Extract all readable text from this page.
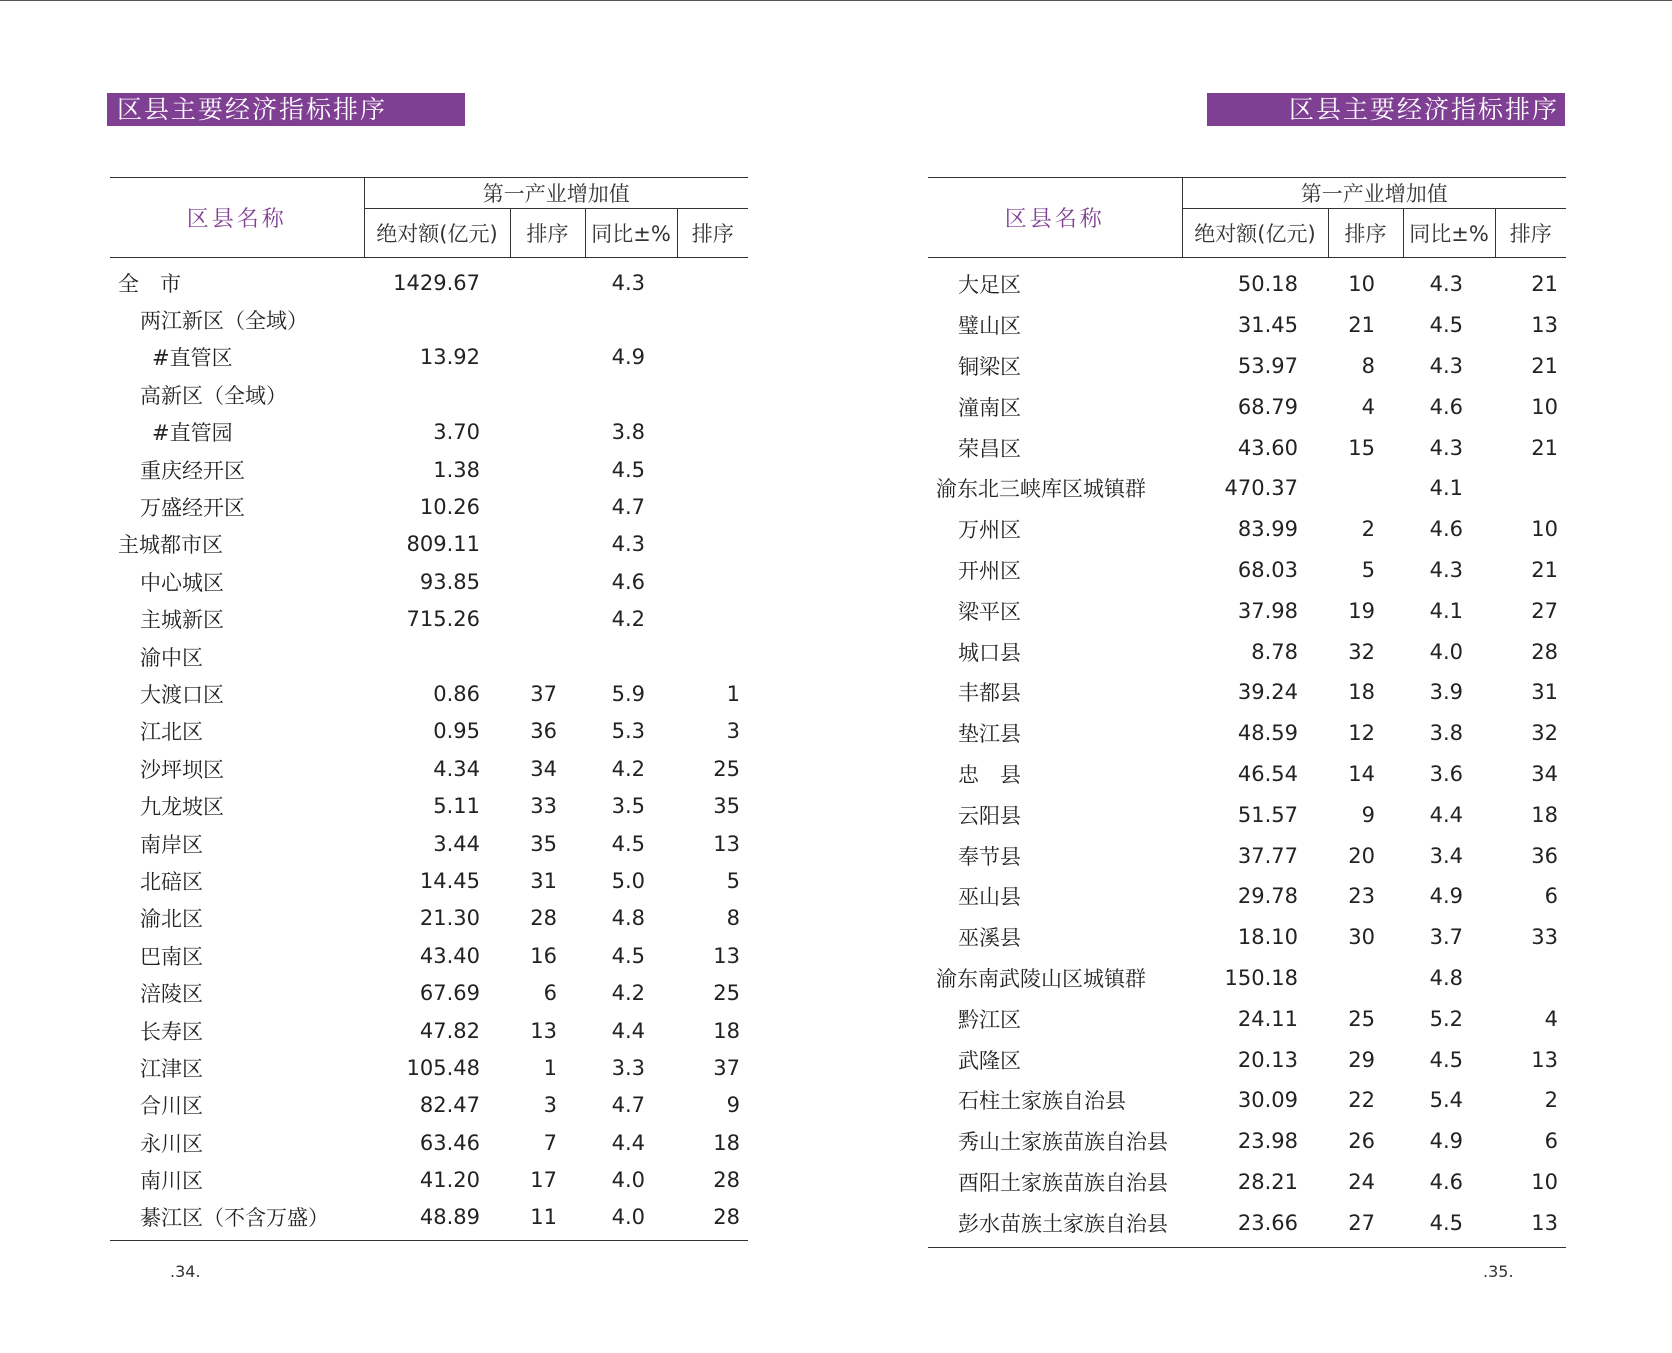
区县主要经济指标排序
区县名称	第一产业增加值			
	绝对额(亿元)	排序	同比±%	排序
全　市	1429.67		4.3	
两江新区（全域）				
#直管区	13.92		4.9	
高新区（全域）				
#直管园	3.70		3.8	
重庆经开区	1.38		4.5	
万盛经开区	10.26		4.7	
主城都市区	809.11		4.3	
中心城区	93.85		4.6	
主城新区	715.26		4.2	
渝中区				
大渡口区	0.86	37	5.9	1
江北区	0.95	36	5.3	3
沙坪坝区	4.34	34	4.2	25
九龙坡区	5.11	33	3.5	35
南岸区	3.44	35	4.5	13
北碚区	14.45	31	5.0	5
渝北区	21.30	28	4.8	8
巴南区	43.40	16	4.5	13
涪陵区	67.69	6	4.2	25
长寿区	47.82	13	4.4	18
江津区	105.48	1	3.3	37
合川区	82.47	3	4.7	9
永川区	63.46	7	4.4	18
南川区	41.20	17	4.0	28
綦江区（不含万盛）	48.89	11	4.0	28
.34.
区县主要经济指标排序
区县名称	第一产业增加值			
	绝对额(亿元)	排序	同比±%	排序
大足区	50.18	10	4.3	21
璧山区	31.45	21	4.5	13
铜梁区	53.97	8	4.3	21
潼南区	68.79	4	4.6	10
荣昌区	43.60	15	4.3	21
渝东北三峡库区城镇群	470.37		4.1	
万州区	83.99	2	4.6	10
开州区	68.03	5	4.3	21
梁平区	37.98	19	4.1	27
城口县	8.78	32	4.0	28
丰都县	39.24	18	3.9	31
垫江县	48.59	12	3.8	32
忠　县	46.54	14	3.6	34
云阳县	51.57	9	4.4	18
奉节县	37.77	20	3.4	36
巫山县	29.78	23	4.9	6
巫溪县	18.10	30	3.7	33
渝东南武陵山区城镇群	150.18		4.8	
黔江区	24.11	25	5.2	4
武隆区	20.13	29	4.5	13
石柱土家族自治县	30.09	22	5.4	2
秀山土家族苗族自治县	23.98	26	4.9	6
酉阳土家族苗族自治县	28.21	24	4.6	10
彭水苗族土家族自治县	23.66	27	4.5	13
.35.
